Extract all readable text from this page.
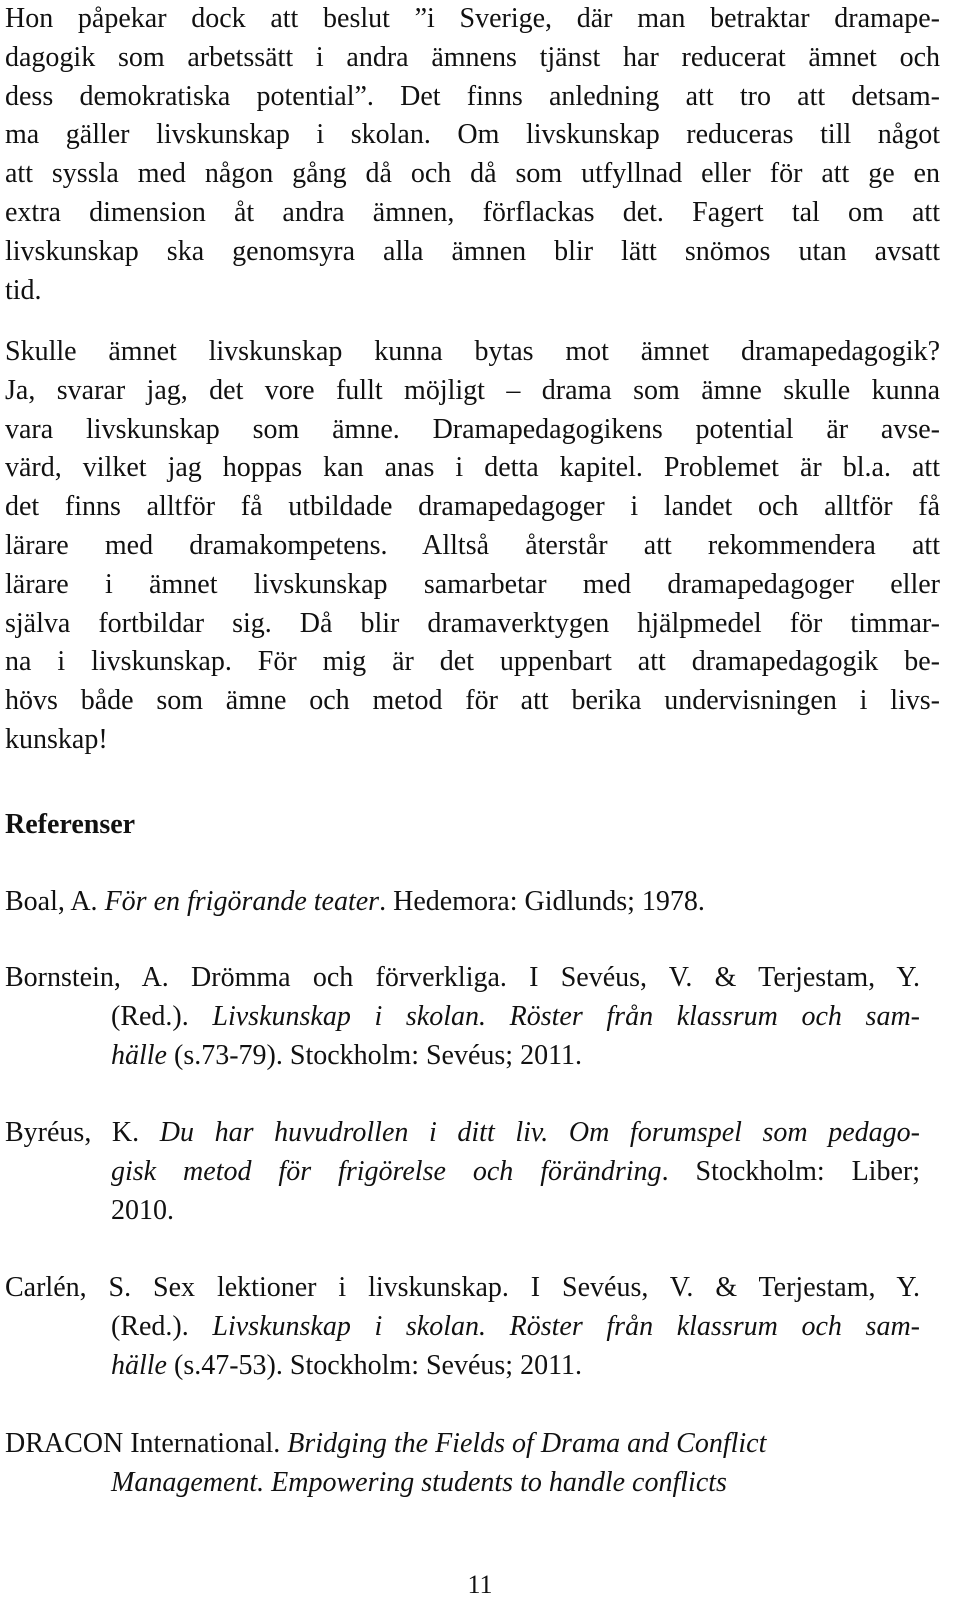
Hon påpekar dock att beslut ”i Sverige, där man betraktar dramape-
dagogik som arbetssätt i andra ämnens tjänst har reducerat ämnet och
dess demokratiska potential”. Det finns anledning att tro att detsam-
ma gäller livskunskap i skolan. Om livskunskap reduceras till något
att syssla med någon gång då och då som utfyllnad eller för att ge en
extra dimension åt andra ämnen, förflackas det. Fagert tal om att
livskunskap ska genomsyra alla ämnen blir lätt snömos utan avsatt
tid.
Skulle ämnet livskunskap kunna bytas mot ämnet dramapedagogik?
Ja, svarar jag, det vore fullt möjligt – drama som ämne skulle kunna
vara livskunskap som ämne. Dramapedagogikens potential är avse-
värd, vilket jag hoppas kan anas i detta kapitel. Problemet är bl.a. att
det finns alltför få utbildade dramapedagoger i landet och alltför få
lärare med dramakompetens. Alltså återstår att rekommendera att
lärare i ämnet livskunskap samarbetar med dramapedagoger eller
själva fortbildar sig. Då blir dramaverktygen hjälpmedel för timmar-
na i livskunskap. För mig är det uppenbart att dramapedagogik be-
hövs både som ämne och metod för att berika undervisningen i livs-
kunskap!
Referenser
Boal, A. För en frigörande teater. Hedemora: Gidlunds; 1978.
Bornstein, A. Drömma och förverkliga. I Sevéus, V. & Terjestam, Y.
(Red.). Livskunskap i skolan. Röster från klassrum och sam-
hälle (s.73-79). Stockholm: Sevéus; 2011.
Byréus, K. Du har huvudrollen i ditt liv. Om forumspel som pedago-
gisk metod för frigörelse och förändring. Stockholm: Liber;
2010.
Carlén, S. Sex lektioner i livskunskap. I Sevéus, V. & Terjestam, Y.
(Red.). Livskunskap i skolan. Röster från klassrum och sam-
hälle (s.47-53). Stockholm: Sevéus; 2011.
DRACON International. Bridging the Fields of Drama and Conflict
Management. Empowering students to handle conflicts
11
